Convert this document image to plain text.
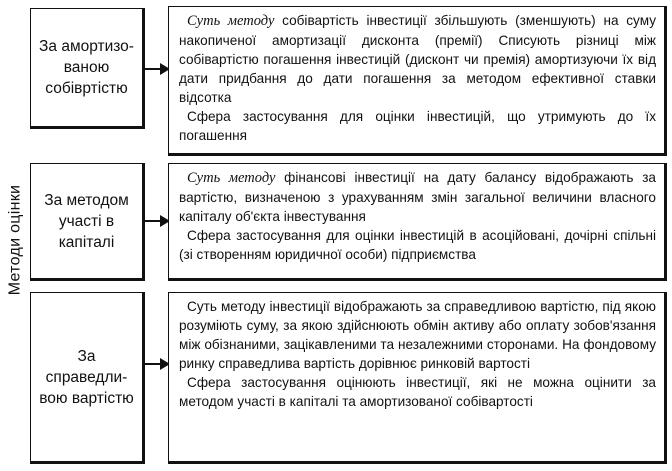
Методи оцінки
За амортизо-ваною собівртістю

Суть методу собівартість інвестиції збільшують (зменшують) на суму накопиченої амортизації дисконта (премії) Списують різниці між собівартістю погашення інвестицій (дисконт чи премія) амортизуючи їх від дати придбання до дати погашення за методом ефективної ставки відсотка

Сфера застосування для оцінки інвестицій, що утримують до їх погашення

За методом участі в капіталі

Суть методу фінансові інвестиції на дату балансу відображають за вартістю, визначеною з урахуванням змін загальної величини власного капіталу об'єкта інвестування

Сфера застосування для оцінки інвестицій в асоційовані, дочірні спільні (зі створенням юридичної особи) підприємства

За справедли-вою вартістю

Суть методу інвестиції відображають за справедливою вартістю, під якою розуміють суму, за якою здійснюють обмін активу або оплату зобов'язання між обізнаними, зацікавленими та незалежними сторонами. На фондовому ринку справедлива вартість дорівнює ринковій вартості

Сфера застосування оцінюють інвестиції, які не можна оцінити за методом участі в капіталі та амортизованої собівартості
